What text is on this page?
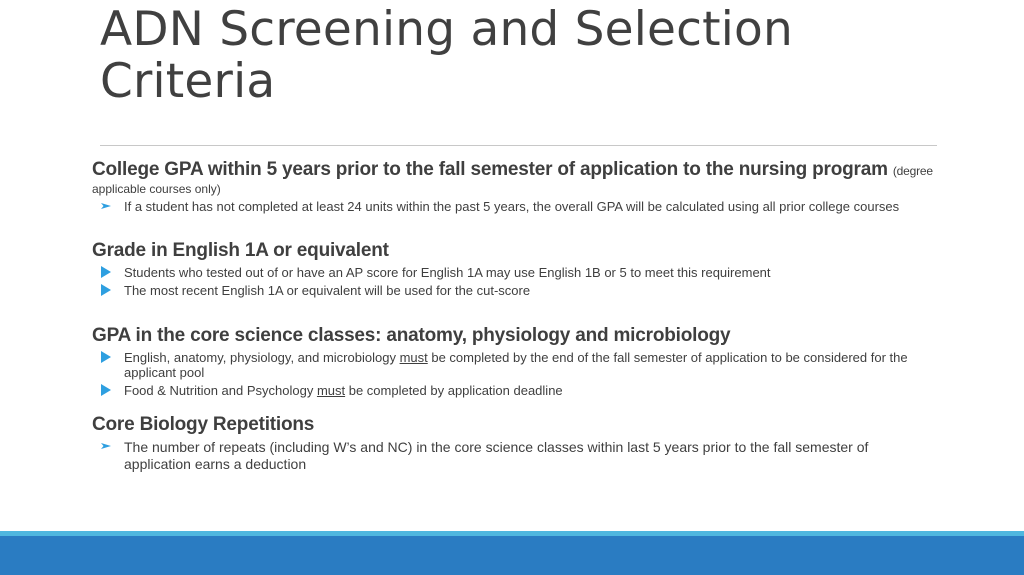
ADN Screening and Selection Criteria
College GPA within 5 years prior to the fall semester of application to the nursing program (degree
applicable courses only)
If a student has not completed at least 24 units within the past 5 years, the overall GPA will be calculated using all prior college courses
Grade in English 1A or equivalent
Students who tested out of or have an AP score for English 1A may use English 1B or 5 to meet this requirement
The most recent English 1A or equivalent will be used for the cut-score
GPA in the core science classes: anatomy, physiology and microbiology
English, anatomy, physiology, and microbiology must be completed by the end of the fall semester of application to be considered for the applicant pool
Food & Nutrition and Psychology must be completed by application deadline
Core Biology Repetitions
The number of repeats (including W’s and NC) in the core science classes within last 5 years prior to the fall semester of application earns a deduction
